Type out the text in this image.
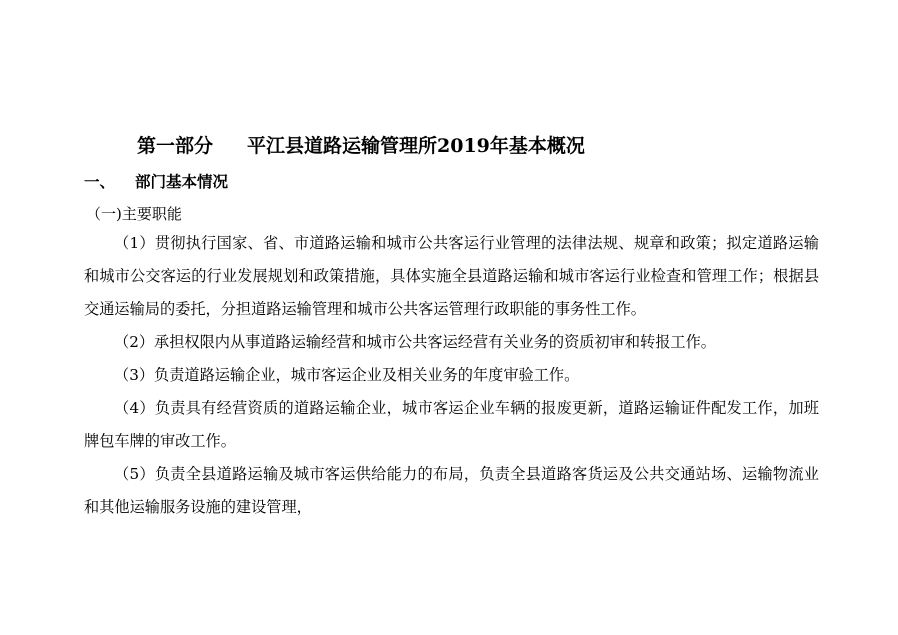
第一部分 平江县道路运输管理所2019年基本概况
一、 部门基本情况
（一)主要职能

（1）贯彻执行国家、省、市道路运输和城市公共客运行业管理的法律法规、规章和政策；拟定道路运输和城市公交客运的行业发展规划和政策措施，具体实施全县道路运输和城市客运行业检查和管理工作；根据县交通运输局的委托，分担道路运输管理和城市公共客运管理行政职能的事务性工作。

（2）承担权限内从事道路运输经营和城市公共客运经营有关业务的资质初审和转报工作。

（3）负责道路运输企业，城市客运企业及相关业务的年度审验工作。

（4）负责具有经营资质的道路运输企业，城市客运企业车辆的报废更新，道路运输证件配发工作，加班牌包车牌的审改工作。

（5）负责全县道路运输及城市客运供给能力的布局，负责全县道路客货运及公共交通站场、运输物流业和其他运输服务设施的建设管理，
